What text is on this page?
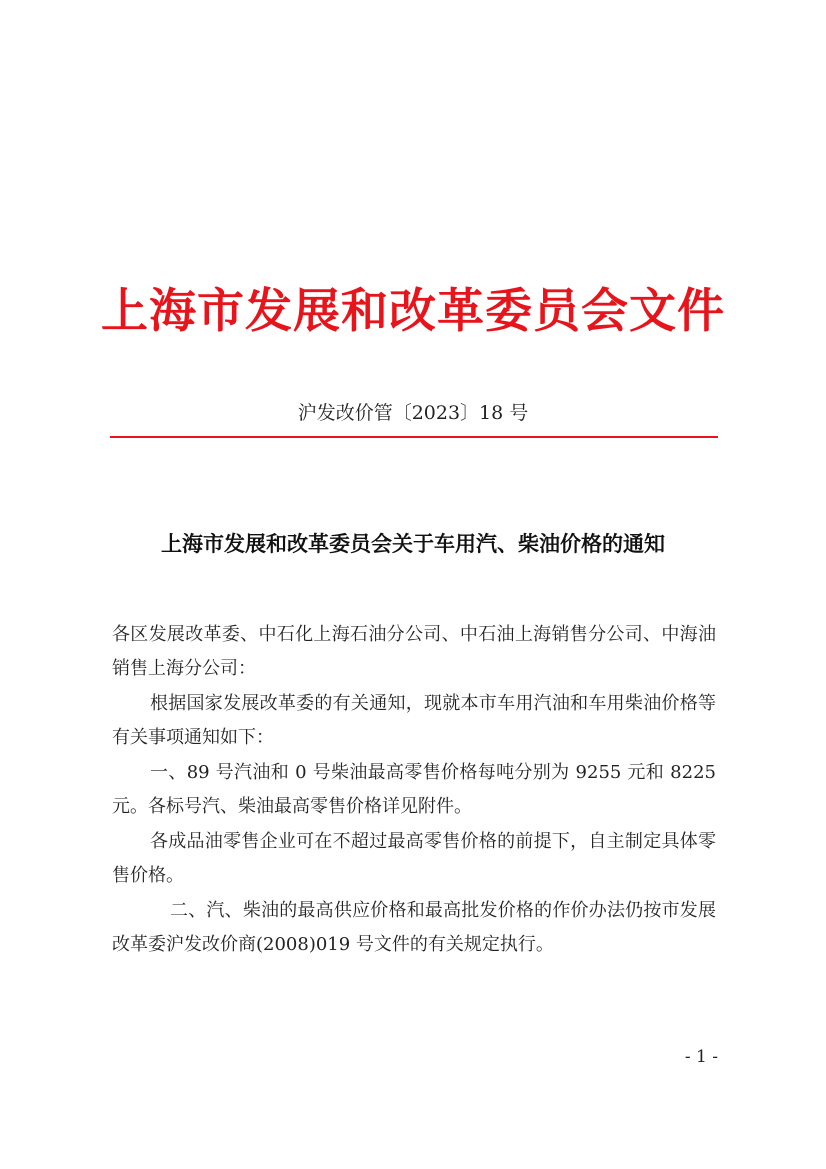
上海市发展和改革委员会文件
沪发改价管〔2023〕18 号
上海市发展和改革委员会关于车用汽、柴油价格的通知

各区发展改革委、中石化上海石油分公司、中石油上海销售分公司、中海油销售上海分公司：

根据国家发展改革委的有关通知，现就本市车用汽油和车用柴油价格等有关事项通知如下：

一、89 号汽油和 0 号柴油最高零售价格每吨分别为 9255 元和 8225 元。各标号汽、柴油最高零售价格详见附件。

各成品油零售企业可在不超过最高零售价格的前提下，自主制定具体零售价格。

二、汽、柴油的最高供应价格和最高批发价格的作价办法仍按市发展改革委沪发改价商(2008)019 号文件的有关规定执行。

- 1 -
